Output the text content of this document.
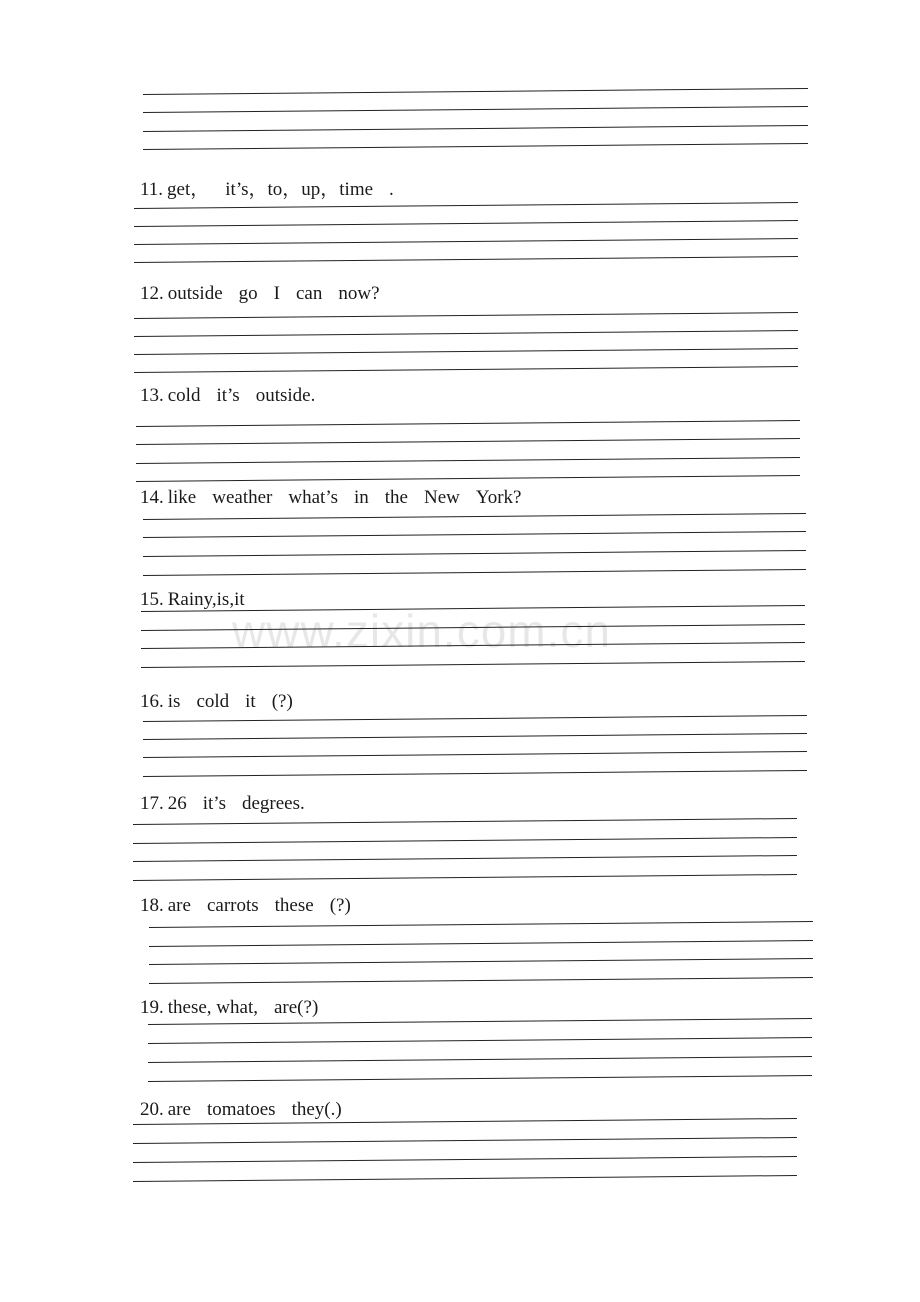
www.zixin.com.cn
11. get， it’s，to，up，time .
12. outside go I can now?
13. cold it’s outside.
14. like weather what’s in the New York?
15. Rainy,is,it
16. is cold it (?)
17. 26 it’s degrees.
18. are carrots these (?)
19. these, what, are(?)
20. are tomatoes they(.)
